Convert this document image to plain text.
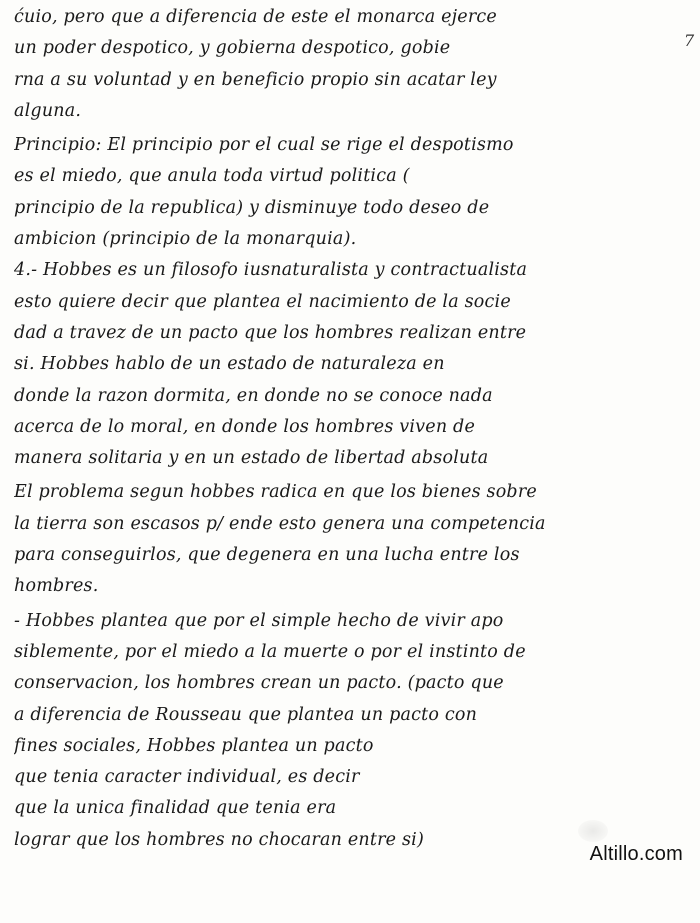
ćuio, pero que a diferencia de este el monarca ejerce
un poder despotico, y gobierna despotico, gobie
rna a su voluntad y en beneficio propio sin acatar ley
alguna.
Principio: El principio por el cual se rige el despotismo
es el miedo, que anula toda virtud politica (
principio de la republica) y disminuye todo deseo de
ambicion (principio de la monarquia).
4.- Hobbes es un filosofo iusnaturalista y contractualista
esto quiere decir que plantea el nacimiento de la socie
dad a travez de un pacto que los hombres realizan entre
si. Hobbes hablo de un estado de naturaleza en
donde la razon dormita, en donde no se conoce nada
acerca de lo moral, en donde los hombres viven de
manera solitaria y en un estado de libertad absoluta
El problema segun hobbes radica en que los bienes sobre
la tierra son escasos p/ ende esto genera una competencia
para conseguirlos, que degenera en una lucha entre los
hombres.
- Hobbes plantea que por el simple hecho de vivir apo
siblemente, por el miedo a la muerte o por el instinto de
conservacion, los hombres crean un pacto. (pacto que
a diferencia de Rousseau que plantea un pacto con
fines sociales, Hobbes plantea un pacto
que tenia caracter individual, es decir
que la unica finalidad que tenia era
lograr que los hombres no chocaran entre si)
7
Altillo.com
